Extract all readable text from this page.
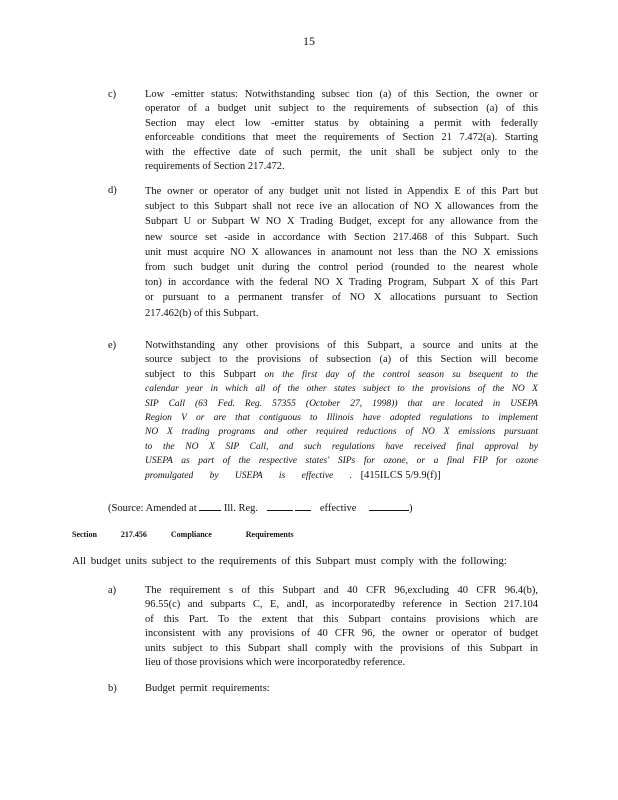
15
c)	Low -emitter status: Notwithstanding subsec tion (a) of this Section, the owner or
operator of a budget unit subject to the requirements of subsection (a) of this
Section may elect low -emitter status by obtaining a permit with federally
enforceable conditions that meet the requirements of Section 21 7.472(a). Starting
with the effective date of such permit, the unit shall be subject only to the
requirements of Section 217.472.
d)	The owner or operator of any budget unit not listed in Appendix E of this Part but
subject to this Subpart shall not rece ive an allocation of NO X allowances from the
Subpart U or Subpart W NO X Trading Budget, except for any allowance from the
new source set -aside in accordance with Section 217.468 of this Subpart. Such
unit must acquire NO X allowances in anamount not less than the NO X emissions
from such budget unit during the control period (rounded to the nearest whole
ton) in accordance with the federal NO X Trading Program, Subpart X of this Part
or pursuant to a permanent transfer of NO X allocations pursuant to Section
217.462(b) of this Subpart.
e)	Notwithstanding any other provisions of this Subpart, a source and units at the
source subject to the provisions of subsection (a) of this Section will become
subject to this Subpart on the first day of the control season su bsequent to the
calendar year in which all of the other states subject to the provisions of the NO X
SIP Call (63 Fed. Reg. 57355 (October 27, 1998)) that are located in USEPA
Region V or are that contiguous to Illinois have adopted regulations to implement
NO X trading programs and other required reductions of NO X emissions pursuant
to the NO X SIP Call, and such regulations have received final approval by
USEPA as part of the respective states' SIPs for ozone, or a final FIP for ozone
promulgated by USEPA is effective . [415ILCS 5/9.9(f)]
(Source: Amended at	Ill. Reg.	effective	)
Section	217.456	Compliance	Requirements
All budget units subject to the requirements of this Subpart must comply with the following:
a)	The requirement s of this Subpart and 40 CFR 96,excluding 40 CFR 96.4(b),
96.55(c) and subparts C, E, andI, as incorporatedby reference in Section 217.104
of this Part. To the extent that this Subpart contains provisions which are
inconsistent with any provisions of 40 CFR 96, the owner or operator of budget
units subject to this Subpart shall comply with the provisions of this Subpart in
lieu of those provisions which were incorporatedby reference.
b)	Budget permit requirements:
